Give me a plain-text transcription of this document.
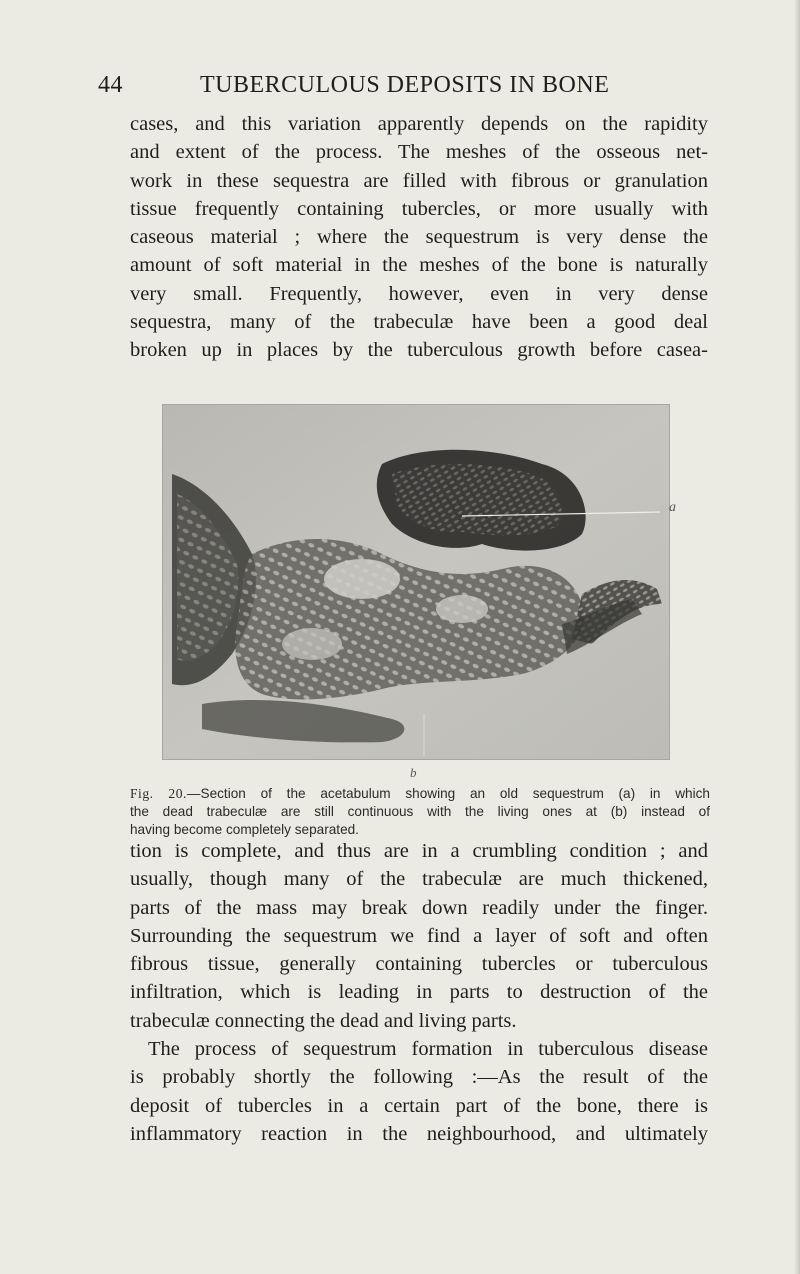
44	TUBERCULOUS DEPOSITS IN BONE
cases, and this variation apparently depends on the rapidity
and extent of the process. The meshes of the osseous net-
work in these sequestra are filled with fibrous or granulation
tissue frequently containing tubercles, or more usually with
caseous material ; where the sequestrum is very dense the
amount of soft material in the meshes of the bone is naturally
very small. Frequently, however, even in very dense
sequestra, many of the trabeculæ have been a good deal
broken up in places by the tuberculous growth before casea-
a
b
Fig. 20.—Section of the acetabulum showing an old sequestrum (a) in which
the dead trabeculæ are still continuous with the living ones at (b) instead of
having become completely separated.
tion is complete, and thus are in a crumbling condition ; and
usually, though many of the trabeculæ are much thickened,
parts of the mass may break down readily under the finger.
Surrounding the sequestrum we find a layer of soft and often
fibrous tissue, generally containing tubercles or tuberculous
infiltration, which is leading in parts to destruction of the
trabeculæ connecting the dead and living parts.
The process of sequestrum formation in tuberculous disease
is probably shortly the following :—As the result of the
deposit of tubercles in a certain part of the bone, there is
inflammatory reaction in the neighbourhood, and ultimately
